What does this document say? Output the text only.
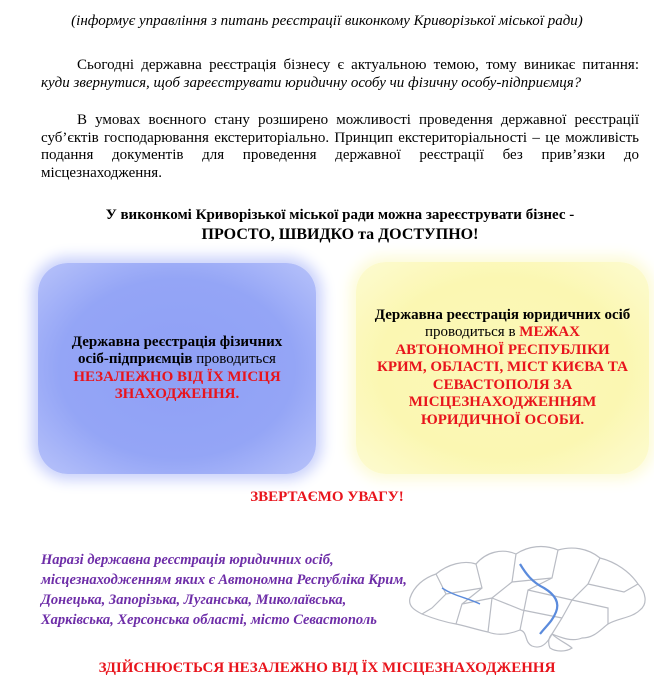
(інформує управління з питань реєстрації виконкому Криворізької міської ради)

Сьогодні державна реєстрація бізнесу є актуальною темою, тому виникає питання: куди звернутися, щоб зареєструвати юридичну особу чи фізичну особу-підприємця?

В умовах воєнного стану розширено можливості проведення державної реєстрації суб’єктів господарювання екстериторіально. Принцип екстериторіальності – це можливість подання документів для проведення державної реєстрації без прив’язки до місцезнаходження.

У виконкомі Криворізької міської ради можна зареєструвати бізнес -
ПРОСТО, ШВИДКО та ДОСТУПНО!
Державна реєстрація фізичних осіб-підприємців проводиться
НЕЗАЛЕЖНО ВІД ЇХ МІСЦЯ ЗНАХОДЖЕННЯ.
Державна реєстрація юридичних осіб проводиться в МЕЖАХ АВТОНОМНОЇ РЕСПУБЛІКИ КРИМ, ОБЛАСТІ, МІСТ КИЄВА ТА СЕВАСТОПОЛЯ ЗА МІСЦЕЗНАХОДЖЕННЯМ ЮРИДИЧНОЇ ОСОБИ.
ЗВЕРТАЄМО УВАГУ!
Наразі державна реєстрація юридичних осіб, місцезнаходженням яких є Автономна Республіка Крим, Донецька, Запорізька, Луганська, Миколаївська, Харківська, Херсонська області, місто Севастополь
ЗДІЙСНЮЄТЬСЯ НЕЗАЛЕЖНО ВІД ЇХ МІСЦЕЗНАХОДЖЕННЯ
